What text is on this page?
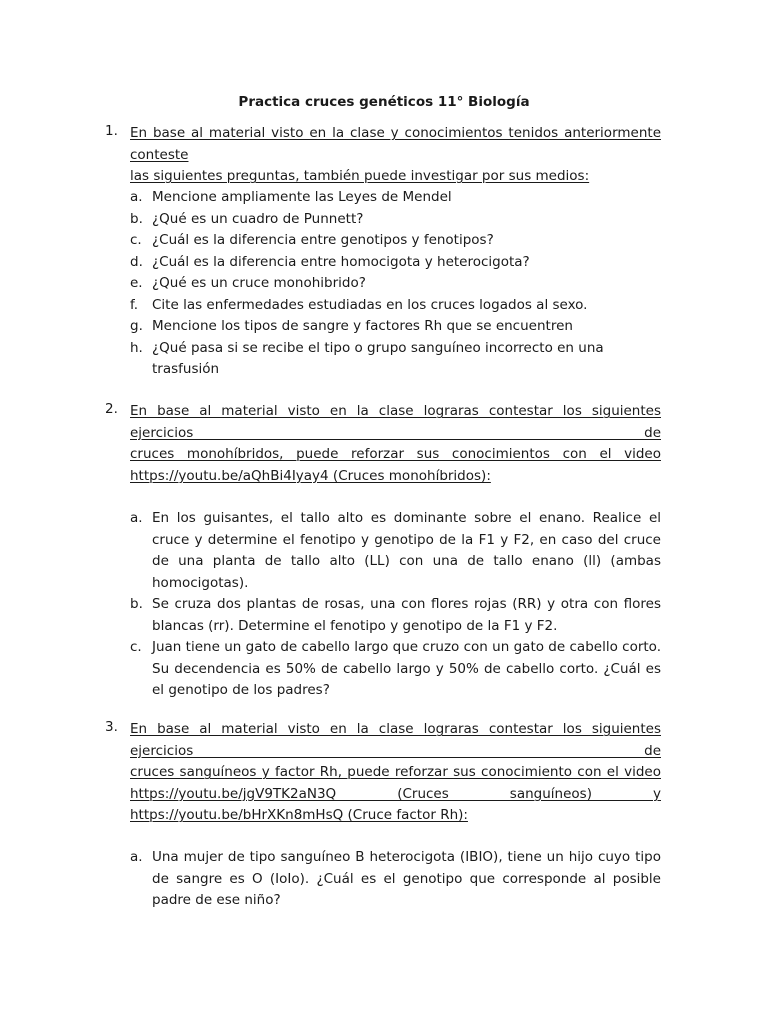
Practica cruces genéticos 11° Biología
1. En base al material visto en la clase y conocimientos tenidos anteriormente conteste
las siguientes preguntas, también puede investigar por sus medios:
a. Mencione ampliamente las Leyes de Mendel
b. ¿Qué es un cuadro de Punnett?
c. ¿Cuál es la diferencia entre genotipos y fenotipos?
d. ¿Cuál es la diferencia entre homocigota y heterocigota?
e. ¿Qué es un cruce monohibrido?
f. Cite las enfermedades estudiadas en los cruces logados al sexo.
g. Mencione los tipos de sangre y factores Rh que se encuentren
h. ¿Qué pasa si se recibe el tipo o grupo sanguíneo incorrecto en una trasfusión
2. En base al material visto en la clase lograras contestar los siguientes ejercicios de
cruces monohíbridos, puede reforzar sus conocimientos con el video
https://youtu.be/aQhBi4Iyay4 (Cruces monohíbridos):
a. En los guisantes, el tallo alto es dominante sobre el enano. Realice el cruce y determine el fenotipo y genotipo de la F1 y F2, en caso del cruce de una planta de tallo alto (LL) con una de tallo enano (ll) (ambas homocigotas).
b. Se cruza dos plantas de rosas, una con flores rojas (RR) y otra con flores blancas (rr). Determine el fenotipo y genotipo de la F1 y F2.
c. Juan tiene un gato de cabello largo que cruzo con un gato de cabello corto. Su decendencia es 50% de cabello largo y 50% de cabello corto. ¿Cuál es el genotipo de los padres?
3. En base al material visto en la clase lograras contestar los siguientes ejercicios de
cruces sanguíneos y factor Rh, puede reforzar sus conocimiento con el video
https://youtu.be/jgV9TK2aN3Q (Cruces sanguíneos) y
https://youtu.be/bHrXKn8mHsQ (Cruce factor Rh):
a. Una mujer de tipo sanguíneo B heterocigota (IBIO), tiene un hijo cuyo tipo de sangre es O (IoIo). ¿Cuál es el genotipo que corresponde al posible padre de ese niño?
